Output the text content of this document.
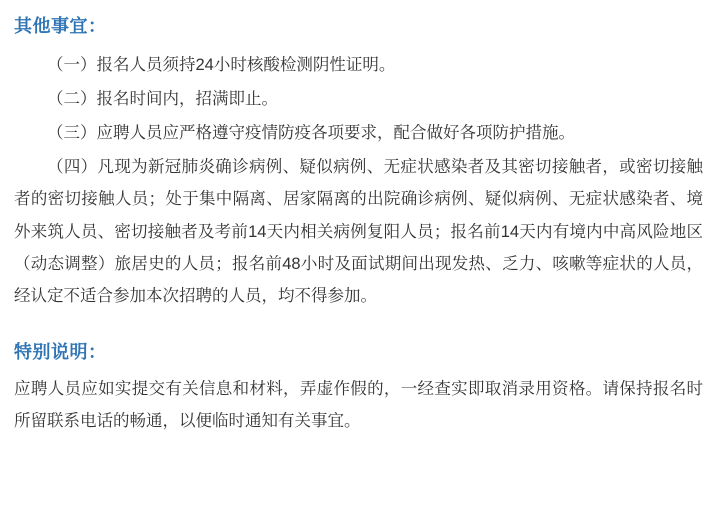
其他事宜：

（一）报名人员须持24小时核酸检测阴性证明。

（二）报名时间内，招满即止。

（三）应聘人员应严格遵守疫情防疫各项要求，配合做好各项防护措施。

（四）凡现为新冠肺炎确诊病例、疑似病例、无症状感染者及其密切接触者，或密切接触者的密切接触人员；处于集中隔离、居家隔离的出院确诊病例、疑似病例、无症状感染者、境外来筑人员、密切接触者及考前14天内相关病例复阳人员；报名前14天内有境内中高风险地区（动态调整）旅居史的人员；报名前48小时及面试期间出现发热、乏力、咳嗽等症状的人员，经认定不适合参加本次招聘的人员，均不得参加。

特别说明：

应聘人员应如实提交有关信息和材料，弄虚作假的，一经查实即取消录用资格。请保持报名时所留联系电话的畅通，以便临时通知有关事宜。
